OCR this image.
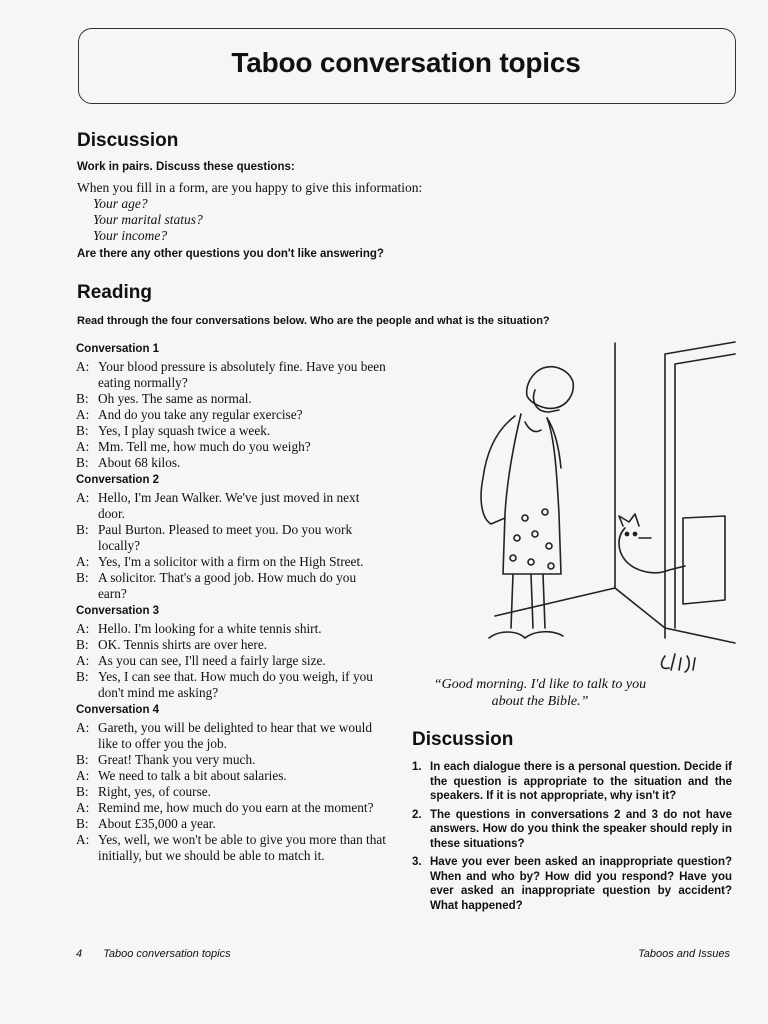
Taboo conversation topics
Discussion
Work in pairs. Discuss these questions:
When you fill in a form, are you happy to give this information:
Your age?
Your marital status?
Your income?
Are there any other questions you don't like answering?
Reading
Read through the four conversations below. Who are the people and what is the situation?
Conversation 1
A: Your blood pressure is absolutely fine. Have you been eating normally?
B: Oh yes. The same as normal.
A: And do you take any regular exercise?
B: Yes, I play squash twice a week.
A: Mm. Tell me, how much do you weigh?
B: About 68 kilos.
Conversation 2
A: Hello, I'm Jean Walker. We've just moved in next door.
B: Paul Burton. Pleased to meet you. Do you work locally?
A: Yes, I'm a solicitor with a firm on the High Street.
B: A solicitor. That's a good job. How much do you earn?
Conversation 3
A: Hello. I'm looking for a white tennis shirt.
B: OK. Tennis shirts are over here.
A: As you can see, I'll need a fairly large size.
B: Yes, I can see that. How much do you weigh, if you don't mind me asking?
Conversation 4
A: Gareth, you will be delighted to hear that we would like to offer you the job.
B: Great! Thank you very much.
A: We need to talk a bit about salaries.
B: Right, yes, of course.
A: Remind me, how much do you earn at the moment?
B: About £35,000 a year.
A: Yes, well, we won't be able to give you more than that initially, but we should be able to match it.
Cliff
“Good morning. I'd like to talk to you about the Bible.”
Discussion
1. In each dialogue there is a personal question. Decide if the question is appropriate to the situation and the speakers. If it is not appropriate, why isn't it?
2. The questions in conversations 2 and 3 do not have answers. How do you think the speaker should reply in these situations?
3. Have you ever been asked an inappropriate question? When and who by? How did you respond? Have you ever asked an inappropriate question by accident? What happened?
4 Taboo conversation topics	Taboos and Issues
